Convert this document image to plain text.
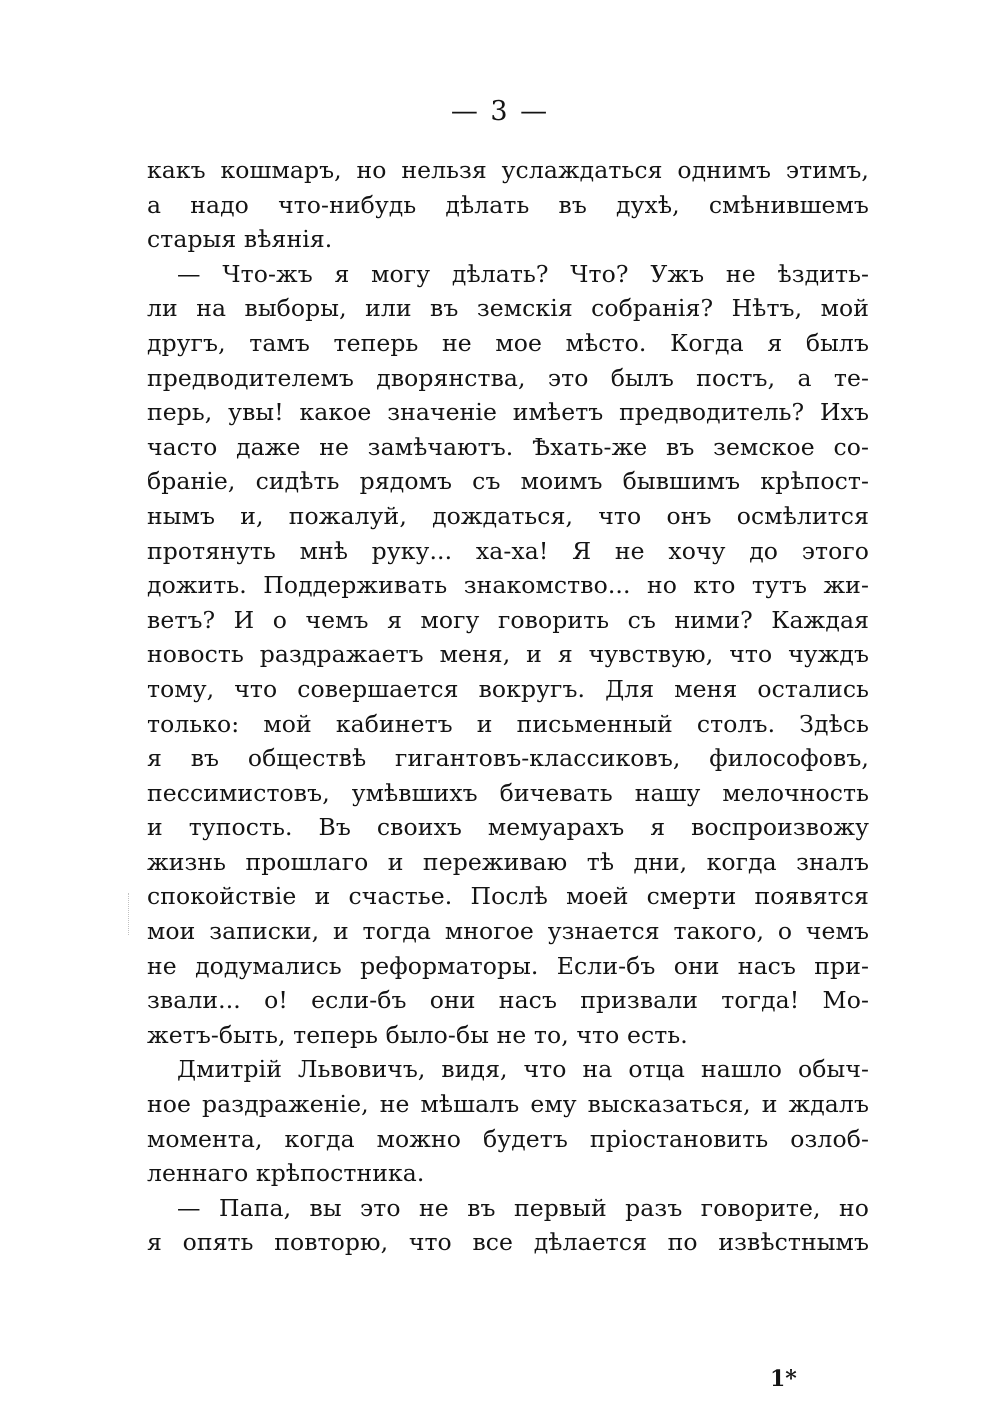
— 3 —
какъ кошмаръ, но нельзя услаждаться однимъ этимъ,
а надо что-нибудь дѣлать въ духѣ, смѣнившемъ
старыя вѣянія.
— Что-жъ я могу дѣлать? Что? Ужъ не ѣздить-
ли на выборы, или въ земскія собранія? Нѣтъ, мой
другъ, тамъ теперь не мое мѣсто. Когда я былъ
предводителемъ дворянства, это былъ постъ, а те-
перь, увы! какое значеніе имѣетъ предводитель? Ихъ
часто даже не замѣчаютъ. Ѣхать-же въ земское со-
браніе, сидѣть рядомъ съ моимъ бывшимъ крѣпост-
нымъ и, пожалуй, дождаться, что онъ осмѣлится
протянуть мнѣ руку... ха-ха! Я не хочу до этого
дожить. Поддерживать знакомство... но кто тутъ жи-
ветъ? И о чемъ я могу говорить съ ними? Каждая
новость раздражаетъ меня, и я чувствую, что чуждъ
тому, что совершается вокругъ. Для меня остались
только: мой кабинетъ и письменный столъ. Здѣсь
я въ обществѣ гигантовъ-классиковъ, философовъ,
пессимистовъ, умѣвшихъ бичевать нашу мелочность
и тупость. Въ своихъ мемуарахъ я воспроизвожу
жизнь прошлаго и переживаю тѣ дни, когда зналъ
спокойствіе и счастье. Послѣ моей смерти появятся
мои записки, и тогда многое узнается такого, о чемъ
не додумались реформаторы. Если-бъ они насъ при-
звали... о! если-бъ они насъ призвали тогда! Мо-
жетъ-быть, теперь было-бы не то, что есть.
Дмитрій Львовичъ, видя, что на отца нашло обыч-
ное раздраженіе, не мѣшалъ ему высказаться, и ждалъ
момента, когда можно будетъ пріостановить озлоб-
леннаго крѣпостника.
— Папа, вы это не въ первый разъ говорите, но
я опять повторю, что все дѣлается по извѣстнымъ
1*
